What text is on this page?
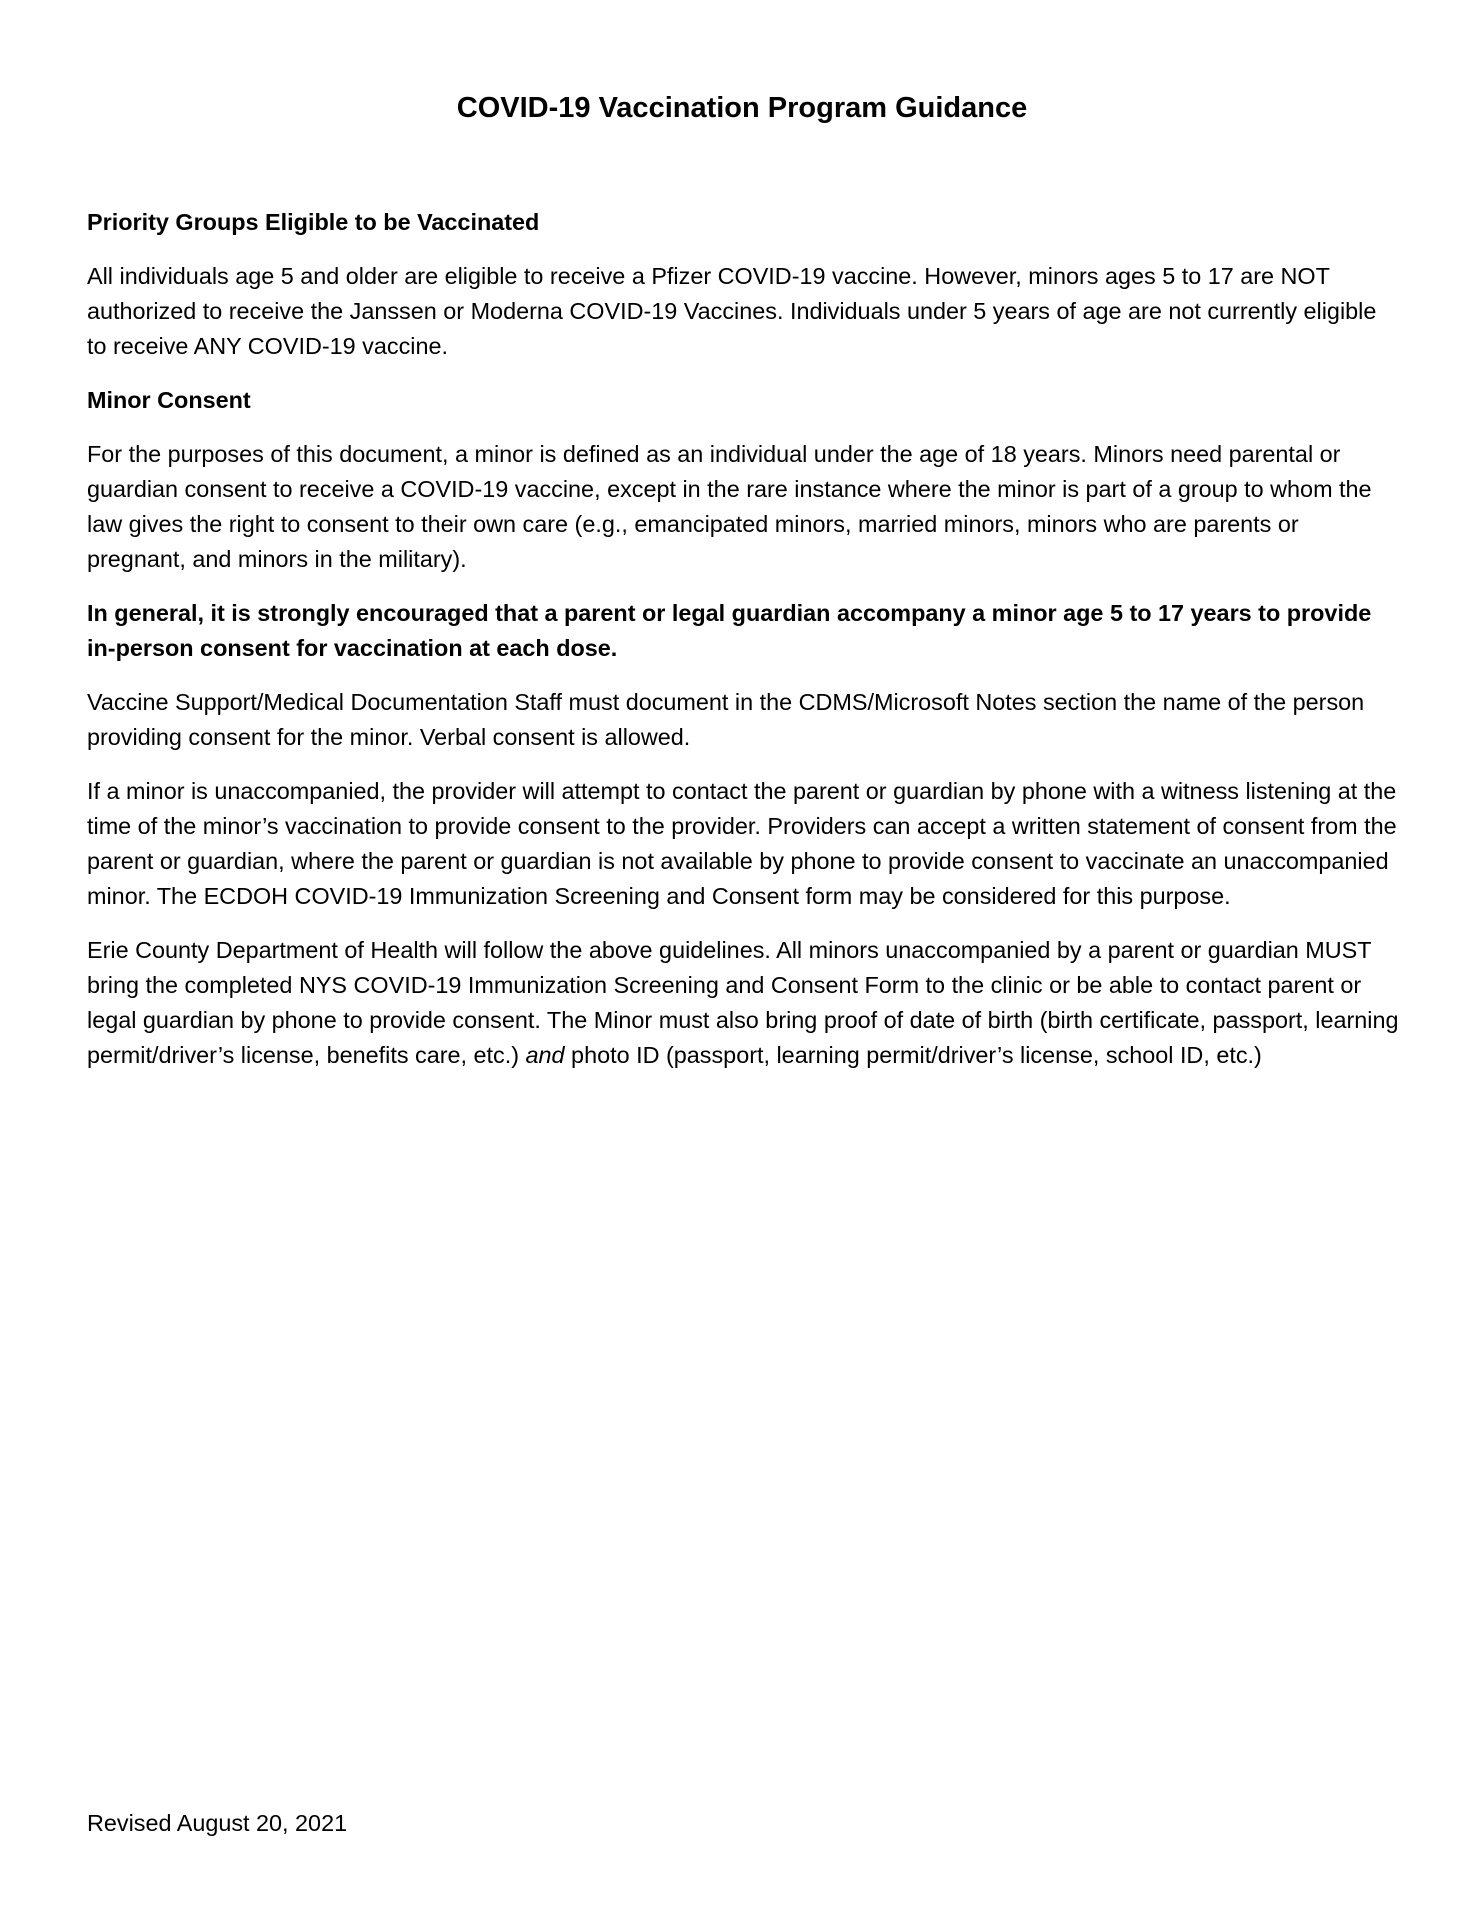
COVID-19 Vaccination Program Guidance
Priority Groups Eligible to be Vaccinated
All individuals age 5 and older are eligible to receive a Pfizer COVID-19 vaccine. However, minors ages 5 to 17 are NOT authorized to receive the Janssen or Moderna COVID-19 Vaccines. Individuals under 5 years of age are not currently eligible to receive ANY COVID-19 vaccine.
Minor Consent
For the purposes of this document, a minor is defined as an individual under the age of 18 years. Minors need parental or guardian consent to receive a COVID-19 vaccine, except in the rare instance where the minor is part of a group to whom the law gives the right to consent to their own care (e.g., emancipated minors, married minors, minors who are parents or pregnant, and minors in the military).
In general, it is strongly encouraged that a parent or legal guardian accompany a minor age 5 to 17 years to provide in-person consent for vaccination at each dose.
Vaccine Support/Medical Documentation Staff must document in the CDMS/Microsoft Notes section the name of the person providing consent for the minor. Verbal consent is allowed.
If a minor is unaccompanied, the provider will attempt to contact the parent or guardian by phone with a witness listening at the time of the minor’s vaccination to provide consent to the provider. Providers can accept a written statement of consent from the parent or guardian, where the parent or guardian is not available by phone to provide consent to vaccinate an unaccompanied minor. The ECDOH COVID-19 Immunization Screening and Consent form may be considered for this purpose.
Erie County Department of Health will follow the above guidelines. All minors unaccompanied by a parent or guardian MUST bring the completed NYS COVID-19 Immunization Screening and Consent Form to the clinic or be able to contact parent or legal guardian by phone to provide consent. The Minor must also bring proof of date of birth (birth certificate, passport, learning permit/driver’s license, benefits care, etc.) and photo ID (passport, learning permit/driver’s license, school ID, etc.)
Revised August 20, 2021
